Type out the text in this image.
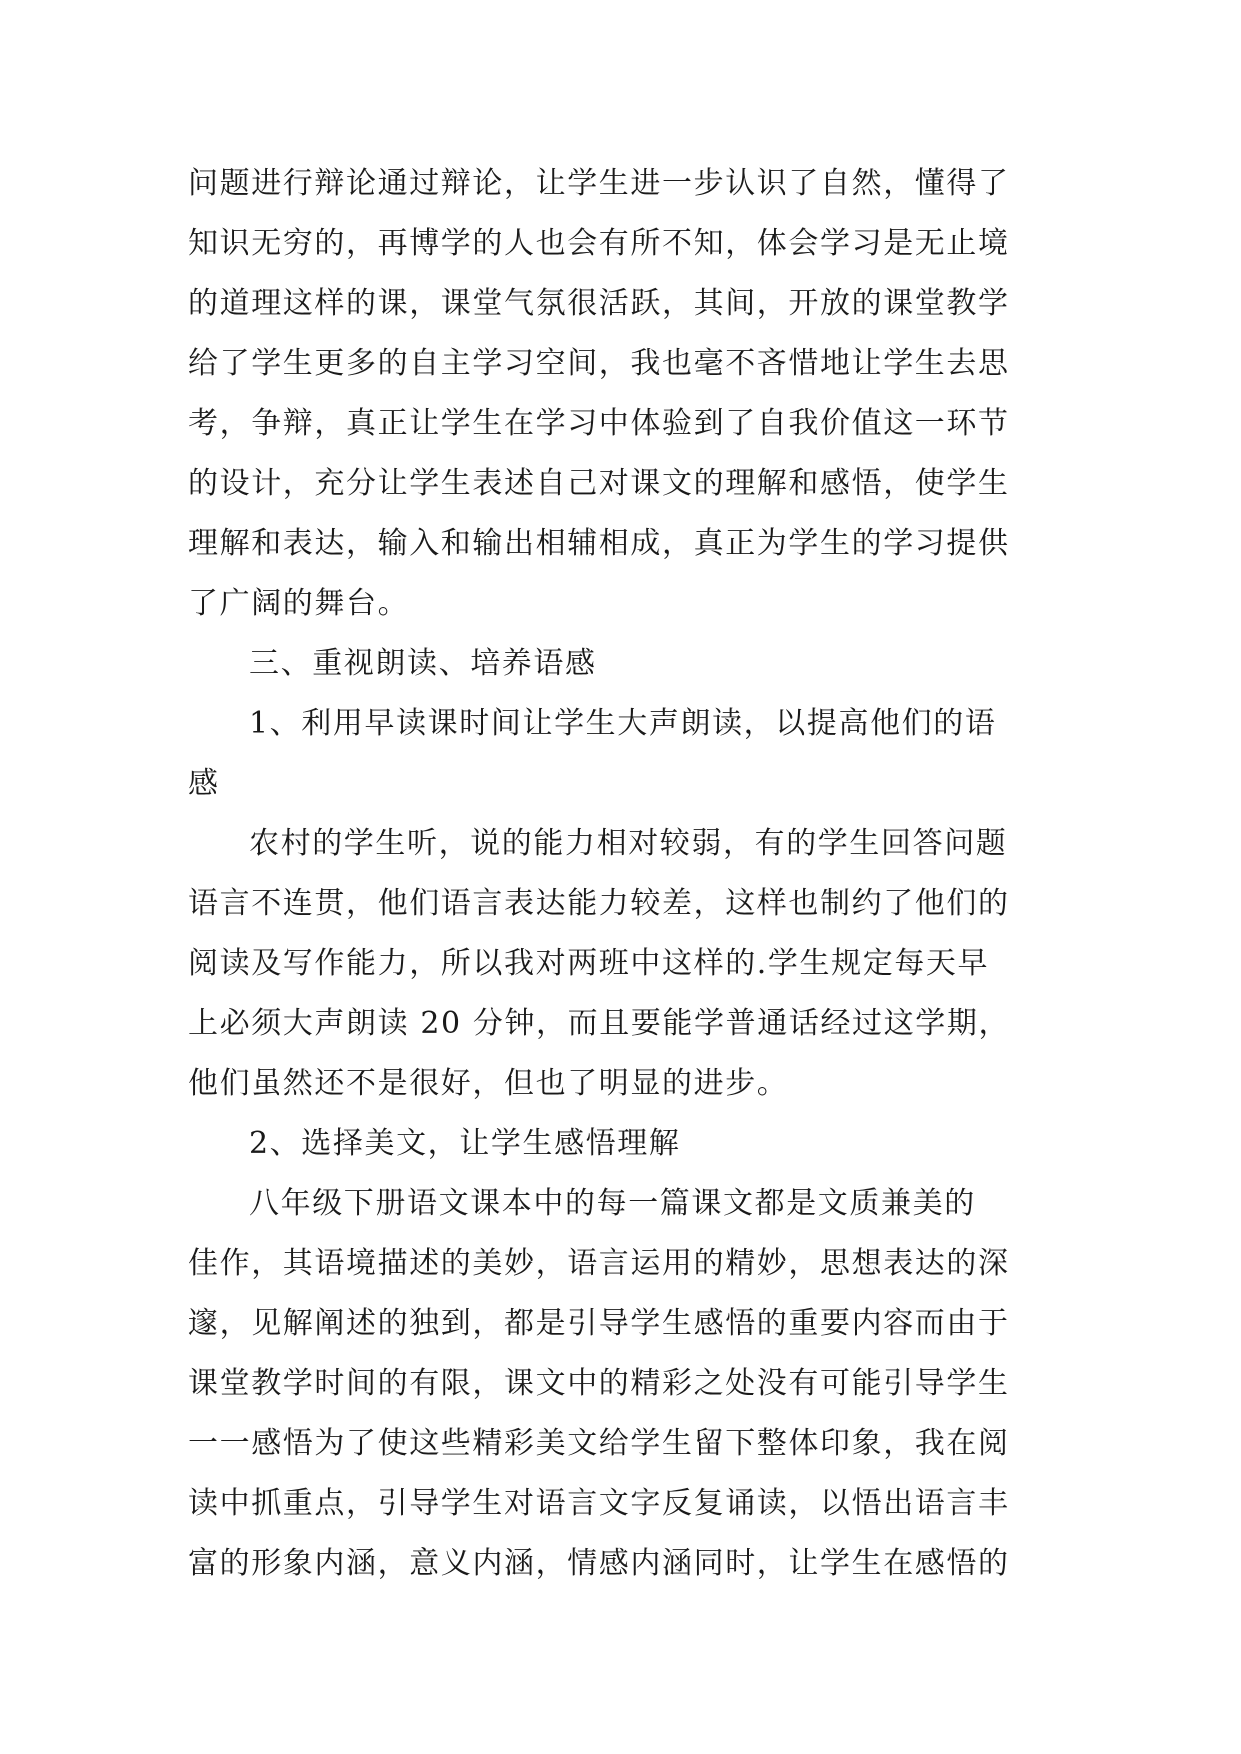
问题进行辩论通过辩论，让学生进一步认识了自然，懂得了
知识无穷的，再博学的人也会有所不知，体会学习是无止境
的道理这样的课，课堂气氛很活跃，其间，开放的课堂教学
给了学生更多的自主学习空间，我也毫不吝惜地让学生去思
考，争辩，真正让学生在学习中体验到了自我价值这一环节
的设计，充分让学生表述自己对课文的理解和感悟，使学生
理解和表达，输入和输出相辅相成，真正为学生的学习提供
了广阔的舞台。
三、重视朗读、培养语感
1、利用早读课时间让学生大声朗读，以提高他们的语
感
农村的学生听，说的能力相对较弱，有的学生回答问题
语言不连贯，他们语言表达能力较差，这样也制约了他们的
阅读及写作能力，所以我对两班中这样的.学生规定每天早
上必须大声朗读 20 分钟，而且要能学普通话经过这学期，
他们虽然还不是很好，但也了明显的进步。
2、选择美文，让学生感悟理解
八年级下册语文课本中的每一篇课文都是文质兼美的
佳作，其语境描述的美妙，语言运用的精妙，思想表达的深
邃，见解阐述的独到，都是引导学生感悟的重要内容而由于
课堂教学时间的有限，课文中的精彩之处没有可能引导学生
一一感悟为了使这些精彩美文给学生留下整体印象，我在阅
读中抓重点，引导学生对语言文字反复诵读，以悟出语言丰
富的形象内涵，意义内涵，情感内涵同时，让学生在感悟的
